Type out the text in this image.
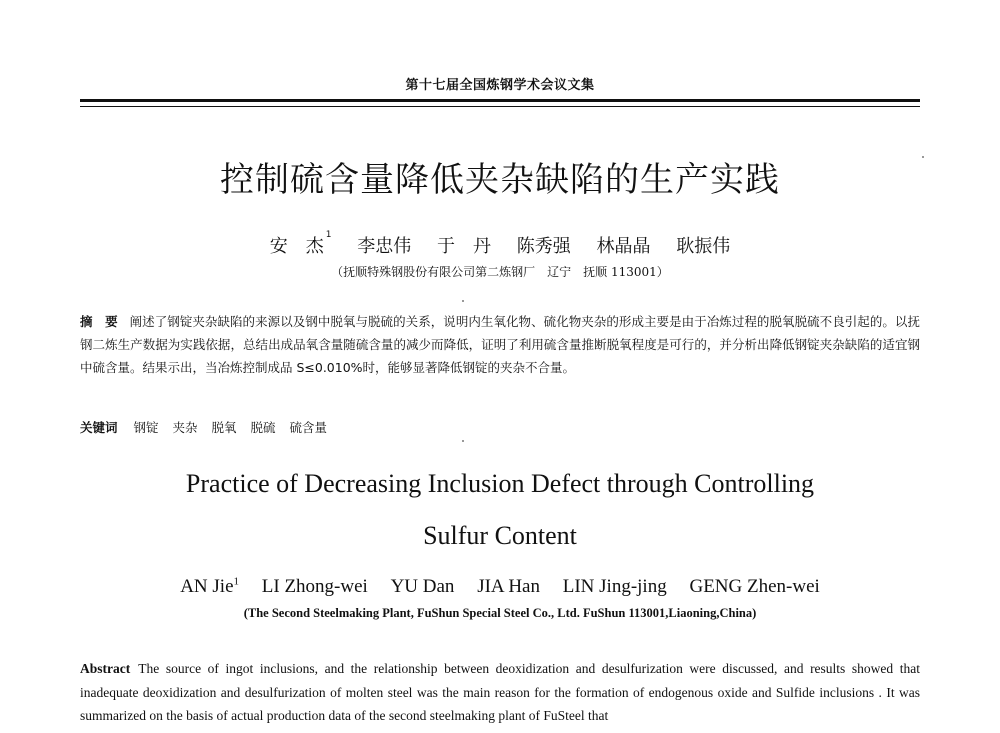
第十七届全国炼钢学术会议文集
控制硫含量降低夹杂缺陷的生产实践
安　杰$^1$ 李忠伟 于　丹 陈秀强 林晶晶 耿振伟
（抚顺特殊钢股份有限公司第二炼钢厂　辽宁　抚顺 113001）
摘　要 阐述了钢锭夹杂缺陷的来源以及钢中脱氧与脱硫的关系，说明内生氧化物、硫化物夹杂的形成主要是由于冶炼过程的脱氧脱硫不良引起的。以抚钢二炼生产数据为实践依据，总结出成品氧含量随硫含量的减少而降低，证明了利用硫含量推断脱氧程度是可行的，并分析出降低钢锭夹杂缺陷的适宜钢中硫含量。结果示出，当冶炼控制成品 S≤0.010%时，能够显著降低钢锭的夹杂不合量。
关键词 钢锭 夹杂 脱氧 脱硫 硫含量
Practice of Decreasing Inclusion Defect through Controlling
Sulfur Content
AN Jie$^1$ LI Zhong-wei YU Dan JIA Han LIN Jing-jing GENG Zhen-wei
(The Second Steelmaking Plant, FuShun Special Steel Co., Ltd. FuShun 113001,Liaoning,China)
Abstract The source of ingot inclusions, and the relationship between deoxidization and desulfurization were discussed, and results showed that inadequate deoxidization and desulfurization of molten steel was the main reason for the formation of endogenous oxide and Sulfide inclusions . It was summarized on the basis of actual production data of the second steelmaking plant of FuSteel that
